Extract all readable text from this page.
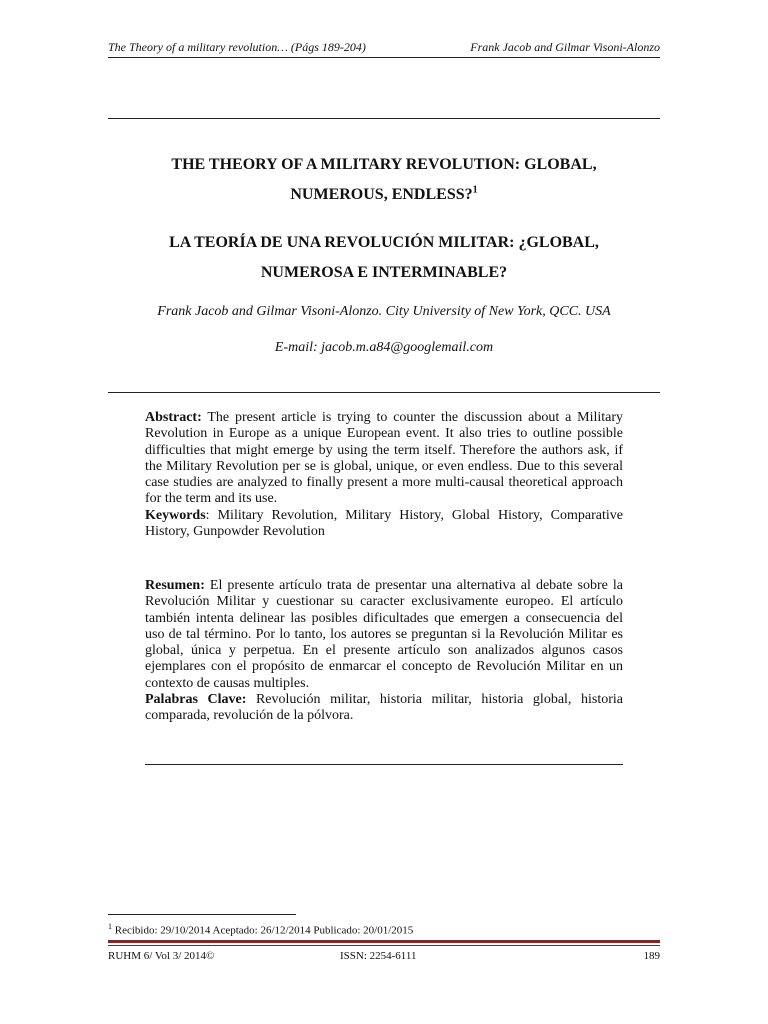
The Theory of a military revolution… (Págs 189-204)	Frank Jacob and Gilmar Visoni-Alonzo
THE THEORY OF A MILITARY REVOLUTION: GLOBAL,
NUMEROUS, ENDLESS?$^1$
LA TEORÍA DE UNA REVOLUCIÓN MILITAR: ¿GLOBAL,
NUMEROSA E INTERMINABLE?
Frank Jacob and Gilmar Visoni-Alonzo. City University of New York, QCC. USA
E-mail: jacob.m.a84@googlemail.com

Abstract: The present article is trying to counter the discussion about a Military Revolution in Europe as a unique European event. It also tries to outline possible difficulties that might emerge by using the term itself. Therefore the authors ask, if the Military Revolution per se is global, unique, or even endless. Due to this several case studies are analyzed to finally present a more multi-causal theoretical approach for the term and its use.

Keywords: Military Revolution, Military History, Global History, Comparative History, Gunpowder Revolution

Resumen: El presente artículo trata de presentar una alternativa al debate sobre la Revolución Militar y cuestionar su caracter exclusivamente europeo. El artículo también intenta delinear las posibles dificultades que emergen a consecuencia del uso de tal término. Por lo tanto, los autores se preguntan si la Revolución Militar es global, única y perpetua. En el presente artículo son analizados algunos casos ejemplares con el propósito de enmarcar el concepto de Revolución Militar en un contexto de causas multiples.

Palabras Clave: Revolución militar, historia militar, historia global, historia comparada, revolución de la pólvora.

$^1$ Recibido: 29/10/2014 Aceptado: 26/12/2014 Publicado: 20/01/2015
RUHM 6/ Vol 3/ 2014©	ISSN: 2254-6111	189
